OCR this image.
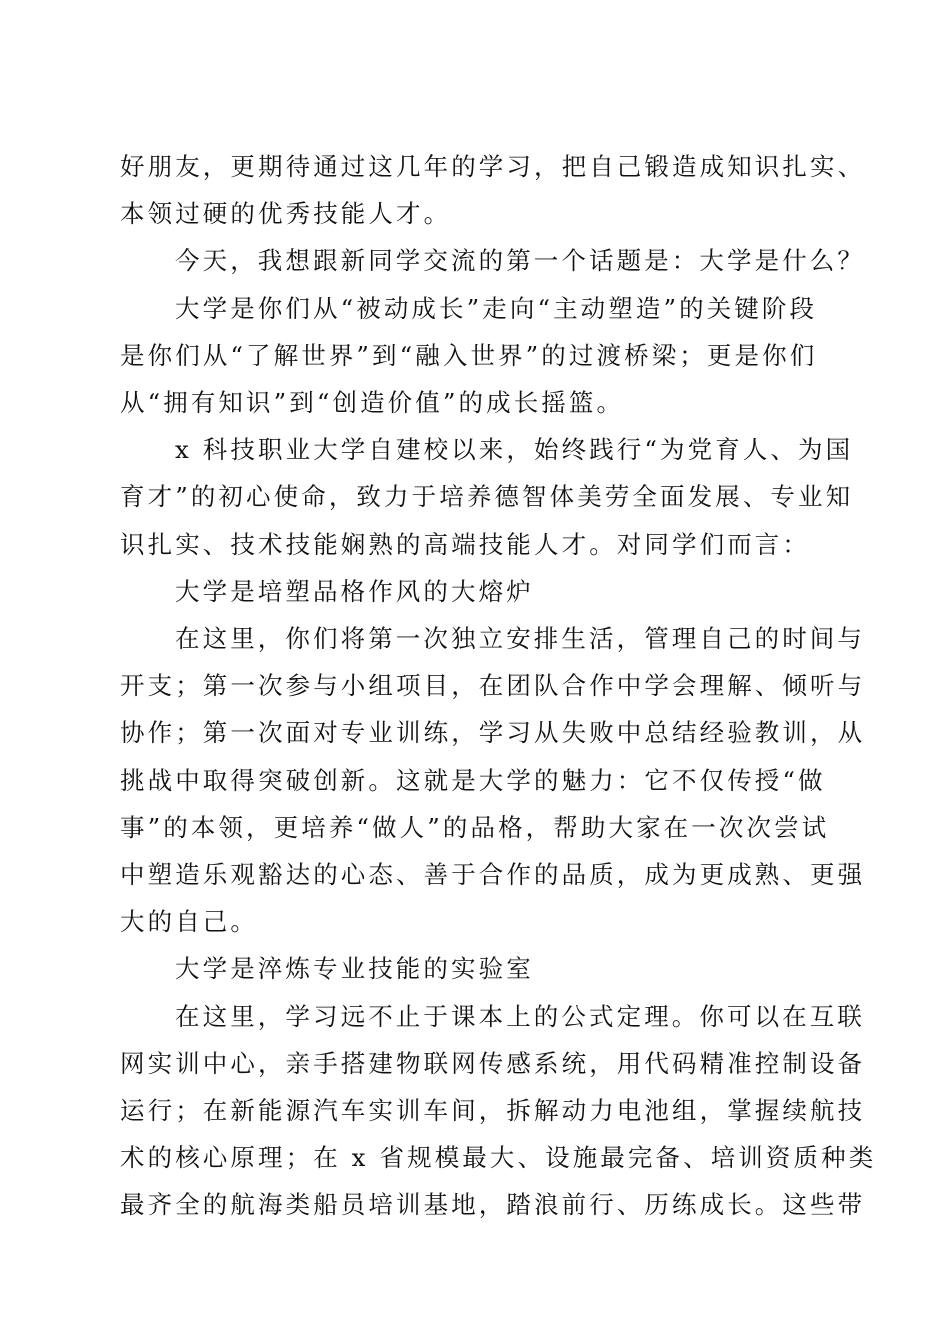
好朋友，更期待通过这几年的学习，把自己锻造成知识扎实、
本领过硬的优秀技能人才。

今天，我想跟新同学交流的第一个话题是：大学是什么？

大学是你们从“被动成长”走向“主动塑造”的关键阶段
是你们从“了解世界”到“融入世界”的过渡桥梁；更是你们
从“拥有知识”到“创造价值”的成长摇篮。

x 科技职业大学自建校以来，始终践行“为党育人、为国
育才”的初心使命，致力于培养德智体美劳全面发展、专业知
识扎实、技术技能娴熟的高端技能人才。对同学们而言：

大学是培塑品格作风的大熔炉

在这里，你们将第一次独立安排生活，管理自己的时间与
开支；第一次参与小组项目，在团队合作中学会理解、倾听与
协作；第一次面对专业训练，学习从失败中总结经验教训，从
挑战中取得突破创新。这就是大学的魅力：它不仅传授“做
事”的本领，更培养“做人”的品格，帮助大家在一次次尝试
中塑造乐观豁达的心态、善于合作的品质，成为更成熟、更强
大的自己。

大学是淬炼专业技能的实验室

在这里，学习远不止于课本上的公式定理。你可以在互联
网实训中心，亲手搭建物联网传感系统，用代码精准控制设备
运行；在新能源汽车实训车间，拆解动力电池组，掌握续航技
术的核心原理；在 x 省规模最大、设施最完备、培训资质种类
最齐全的航海类船员培训基地，踏浪前行、历练成长。这些带
